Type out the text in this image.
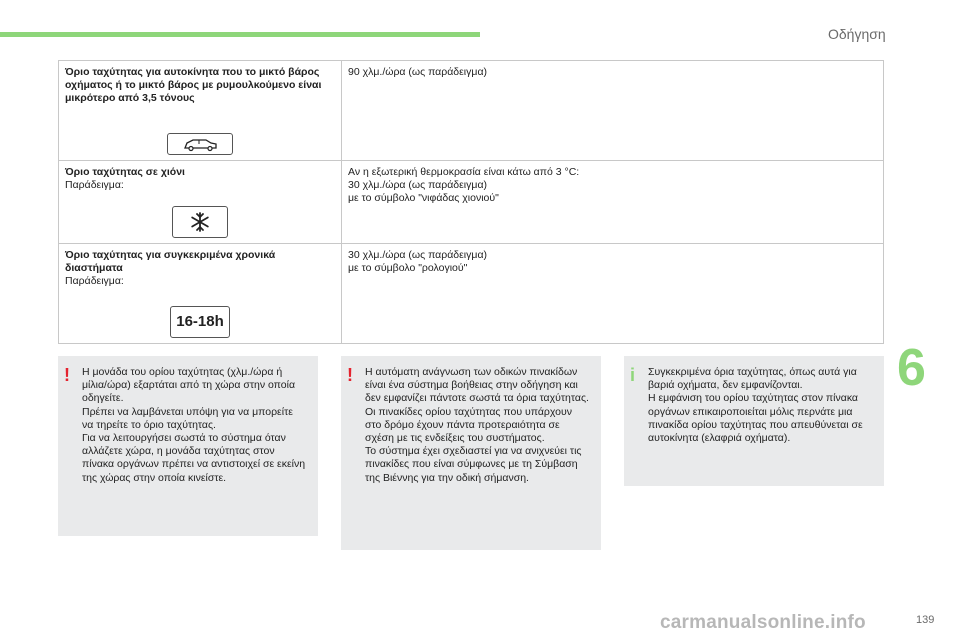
Οδήγηση
Όριο ταχύτητας για αυτοκίνητα που το μικτό βάρος οχήματος ή το μικτό βάρος με ρυμουλκούμενο είναι μικρότερο από 3,5 τόνους	90 χλμ./ώρα (ως παράδειγμα)

Όριο ταχύτητας σε χιόνι
Παράδειγμα:	Αν η εξωτερική θερμοκρασία είναι κάτω από 3 °C:
30 χλμ./ώρα (ως παράδειγμα)
με το σύμβολο "νιφάδας χιονιού"

Όριο ταχύτητας για συγκεκριμένα χρονικά διαστήματα
Παράδειγμα:
16-18h	30 χλμ./ώρα (ως παράδειγμα)
με το σύμβολο "ρολογιού"
! Η μονάδα του ορίου ταχύτητας (χλμ./ώρα ή μίλια/ώρα) εξαρτάται από τη χώρα στην οποία οδηγείτε.
Πρέπει να λαμβάνεται υπόψη για να μπορείτε να τηρείτε το όριο ταχύτητας.
Για να λειτουργήσει σωστά το σύστημα όταν αλλάζετε χώρα, η μονάδα ταχύτητας στον πίνακα οργάνων πρέπει να αντιστοιχεί σε εκείνη της χώρας στην οποία κινείστε.

! Η αυτόματη ανάγνωση των οδικών πινακίδων είναι ένα σύστημα βοήθειας στην οδήγηση και δεν εμφανίζει πάντοτε σωστά τα όρια ταχύτητας.
Οι πινακίδες ορίου ταχύτητας που υπάρχουν στο δρόμο έχουν πάντα προτεραιότητα σε σχέση με τις ενδείξεις του συστήματος.
Το σύστημα έχει σχεδιαστεί για να ανιχνεύει τις πινακίδες που είναι σύμφωνες με τη Σύμβαση της Βιέννης για την οδική σήμανση.

i Συγκεκριμένα όρια ταχύτητας, όπως αυτά για βαριά οχήματα, δεν εμφανίζονται.
Η εμφάνιση του ορίου ταχύτητας στον πίνακα οργάνων επικαιροποιείται μόλις περνάτε μια πινακίδα ορίου ταχύτητας που απευθύνεται σε αυτοκίνητα (ελαφριά οχήματα).

6
carmanualsonline.info	139
